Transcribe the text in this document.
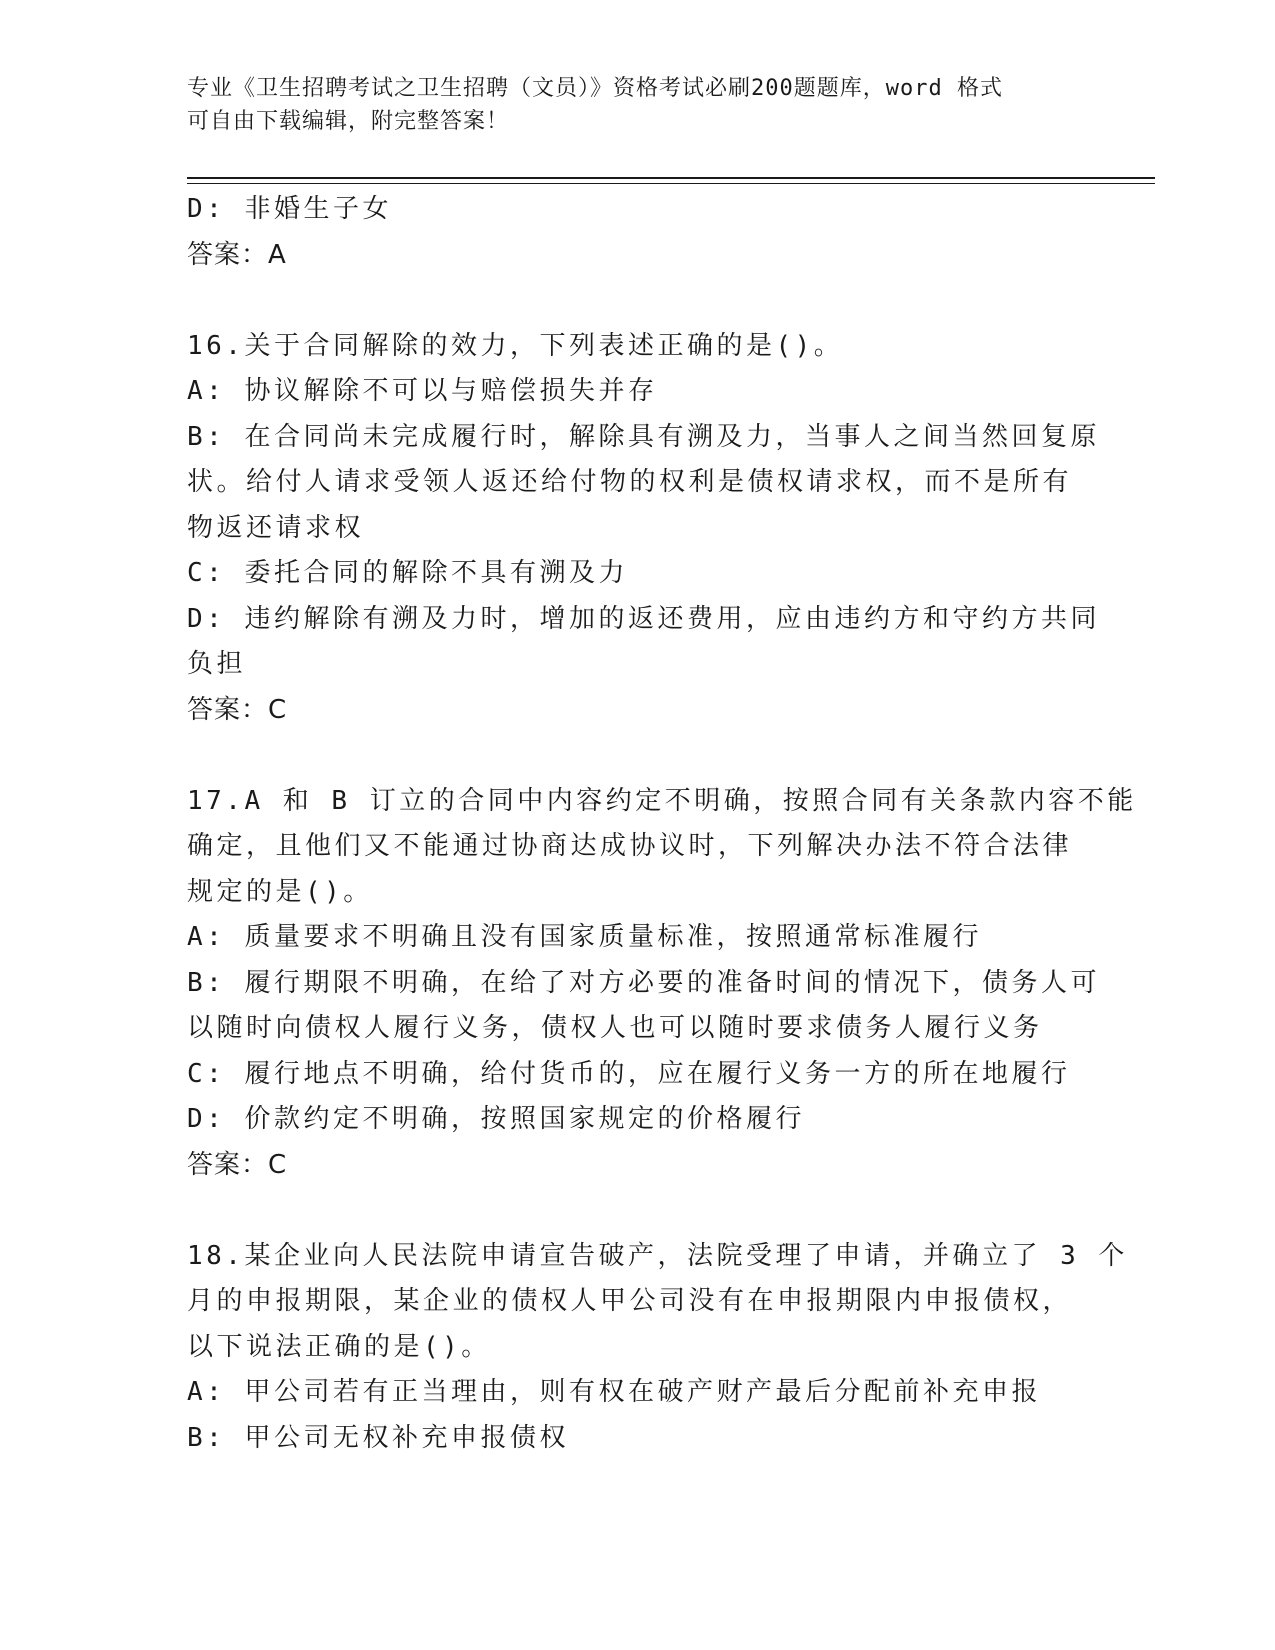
专业《卫生招聘考试之卫生招聘（文员）》资格考试必刷200题题库，word 格式
可自由下载编辑，附完整答案！
D: 非婚生子女
答案：A
16.关于合同解除的效力，下列表述正确的是()。
A: 协议解除不可以与赔偿损失并存
B: 在合同尚未完成履行时，解除具有溯及力，当事人之间当然回复原
状。给付人请求受领人返还给付物的权利是债权请求权，而不是所有
物返还请求权
C: 委托合同的解除不具有溯及力
D: 违约解除有溯及力时，增加的返还费用，应由违约方和守约方共同
负担
答案：C
17.A 和 B 订立的合同中内容约定不明确，按照合同有关条款内容不能
确定，且他们又不能通过协商达成协议时，下列解决办法不符合法律
规定的是()。
A: 质量要求不明确且没有国家质量标准，按照通常标准履行
B: 履行期限不明确，在给了对方必要的准备时间的情况下，债务人可
以随时向债权人履行义务，债权人也可以随时要求债务人履行义务
C: 履行地点不明确，给付货币的，应在履行义务一方的所在地履行
D: 价款约定不明确，按照国家规定的价格履行
答案：C
18.某企业向人民法院申请宣告破产，法院受理了申请，并确立了 3 个
月的申报期限，某企业的债权人甲公司没有在申报期限内申报债权，
以下说法正确的是()。
A: 甲公司若有正当理由，则有权在破产财产最后分配前补充申报
B: 甲公司无权补充申报债权
